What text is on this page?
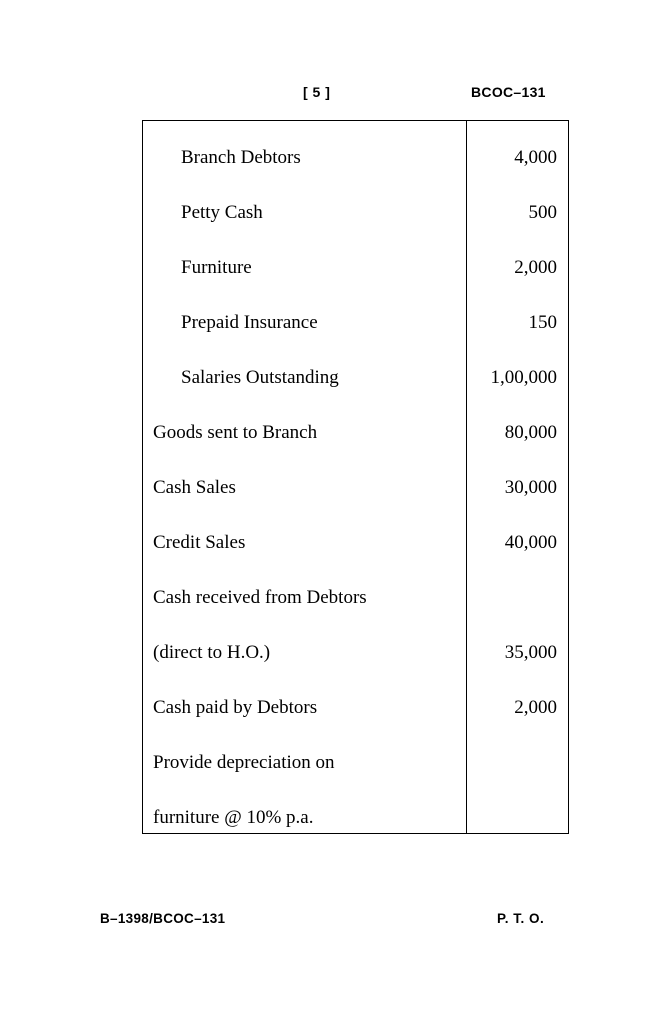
[ 5 ]	BCOC–131
Branch Debtors	4,000
Petty Cash	500
Furniture	2,000
Prepaid Insurance	150
Salaries Outstanding	1,00,000
Goods sent to Branch	80,000
Cash Sales	30,000
Credit Sales	40,000
Cash received from Debtors
(direct to H.O.)	35,000
Cash paid by Debtors	2,000
Provide depreciation on
furniture @ 10% p.a.
B–1398/BCOC–131	P. T. O.
